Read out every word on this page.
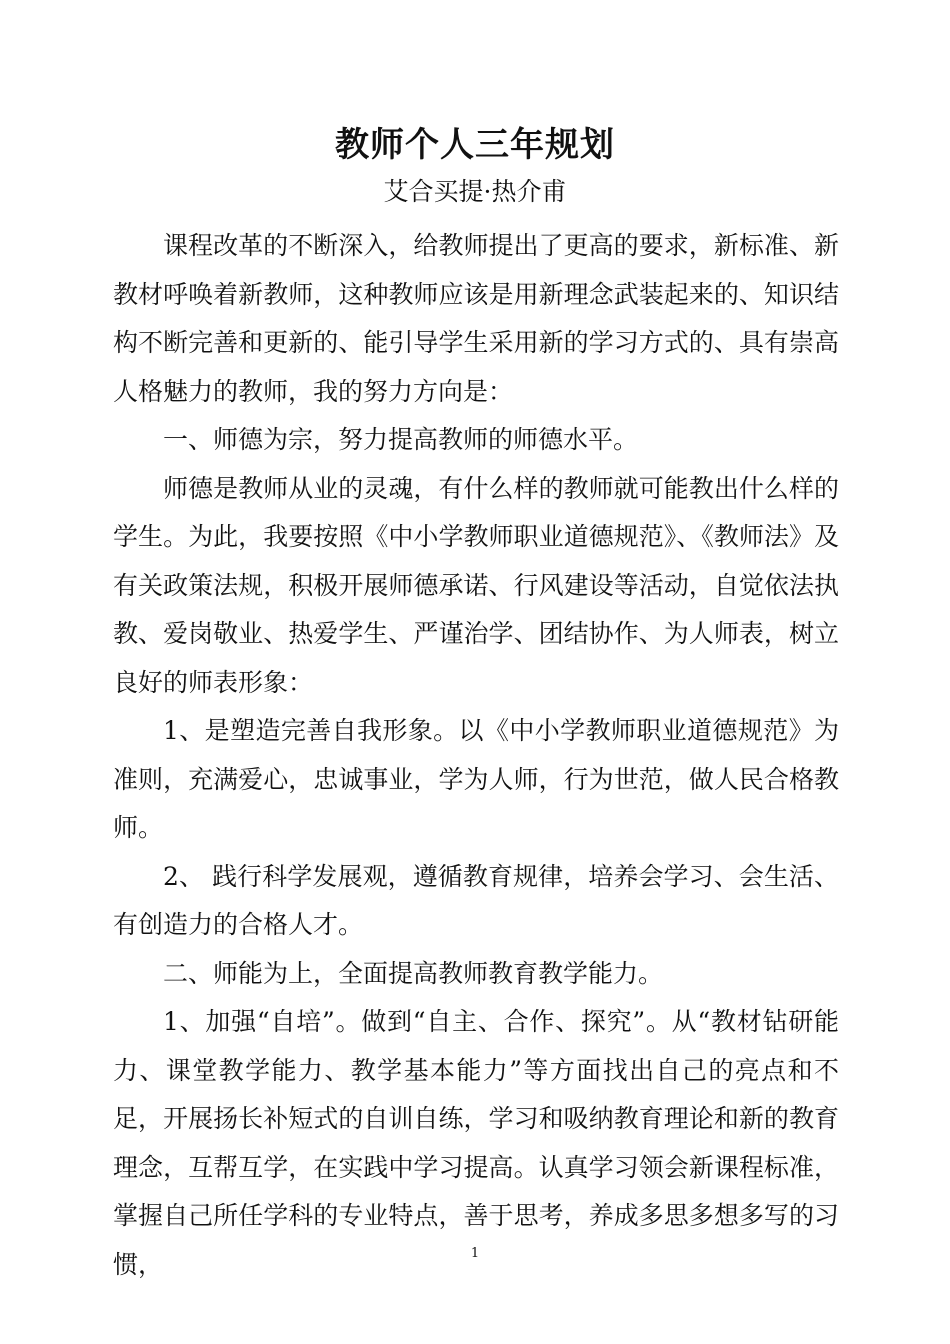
教师个人三年规划
艾合买提·热介甫

课程改革的不断深入，给教师提出了更高的要求，新标准、新教材呼唤着新教师，这种教师应该是用新理念武装起来的、知识结构不断完善和更新的、能引导学生采用新的学习方式的、具有崇高人格魅力的教师，我的努力方向是：

一、师德为宗，努力提高教师的师德水平。

师德是教师从业的灵魂，有什么样的教师就可能教出什么样的学生。为此，我要按照《中小学教师职业道德规范》、《教师法》及有关政策法规，积极开展师德承诺、行风建设等活动，自觉依法执教、爱岗敬业、热爱学生、严谨治学、团结协作、为人师表，树立良好的师表形象：

1、是塑造完善自我形象。以《中小学教师职业道德规范》为准则，充满爱心，忠诚事业，学为人师，行为世范，做人民合格教师。

2、 践行科学发展观，遵循教育规律，培养会学习、会生活、有创造力的合格人才。

二、师能为上，全面提高教师教育教学能力。

1、加强“自培”。做到“自主、合作、探究”。从“教材钻研能力、课堂教学能力、教学基本能力”等方面找出自己的亮点和不足，开展扬长补短式的自训自练，学习和吸纳教育理论和新的教育理念，互帮互学，在实践中学习提高。认真学习领会新课程标准，掌握自己所任学科的专业特点，善于思考，养成多思多想多写的习惯，	1
